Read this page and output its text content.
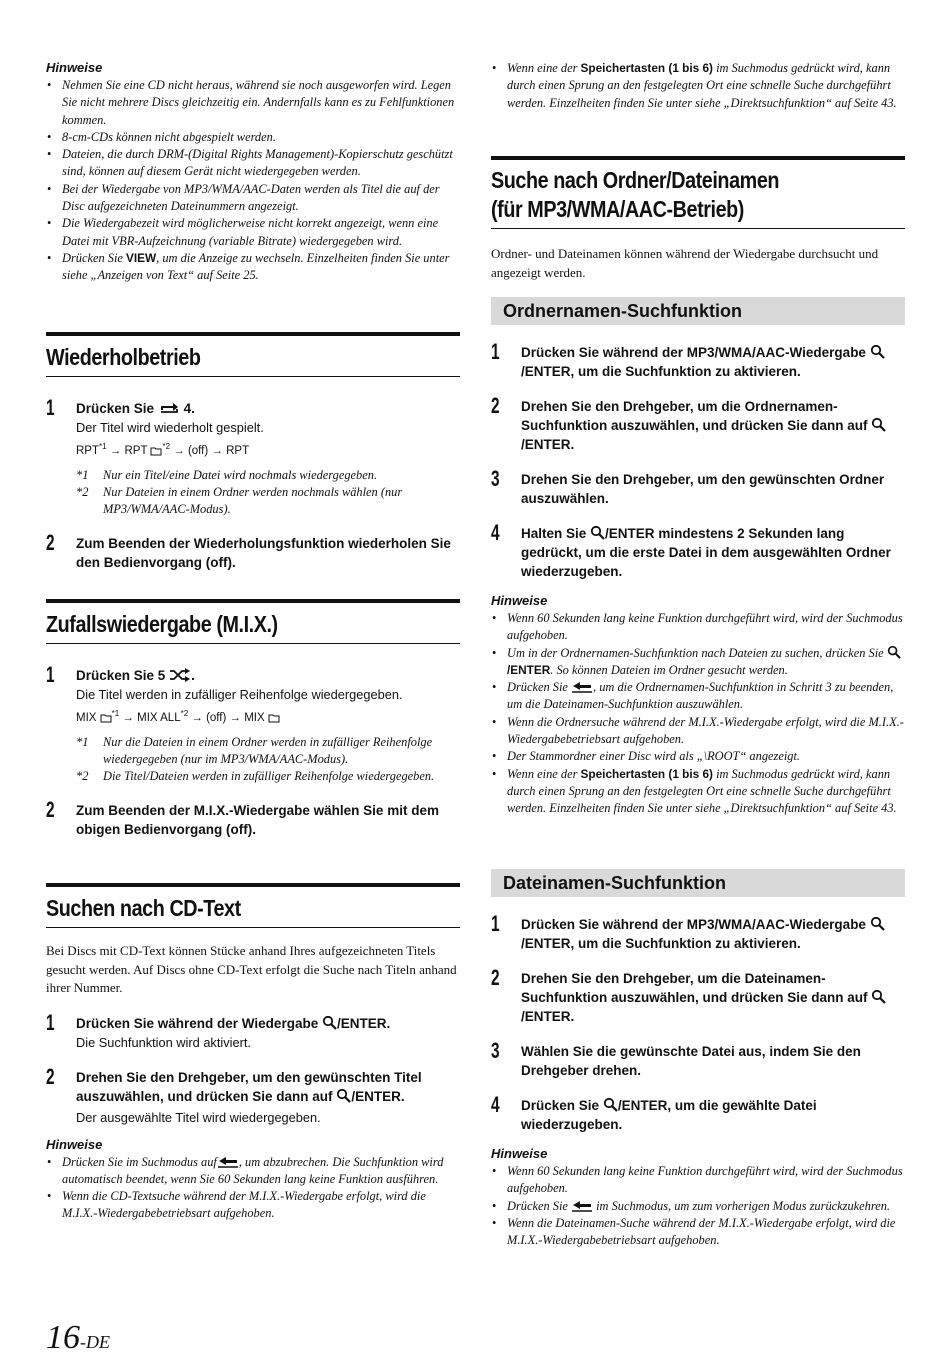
Hinweise
• Nehmen Sie eine CD nicht heraus, während sie noch ausgeworfen wird. Legen Sie nicht mehrere Discs gleichzeitig ein. Andernfalls kann es zu Fehlfunktionen kommen.
• 8-cm-CDs können nicht abgespielt werden.
• Dateien, die durch DRM-(Digital Rights Management)-Kopierschutz geschützt sind, können auf diesem Gerät nicht wiedergegeben werden.
• Bei der Wiedergabe von MP3/WMA/AAC-Daten werden als Titel die auf der Disc aufgezeichneten Dateinummern angezeigt.
• Die Wiedergabezeit wird möglicherweise nicht korrekt angezeigt, wenn eine Datei mit VBR-Aufzeichnung (variable Bitrate) wiedergegeben wird.
• Drücken Sie VIEW, um die Anzeige zu wechseln. Einzelheiten finden Sie unter siehe „Anzeigen von Text“ auf Seite 25.
Wiederholbetrieb
1 Drücken Sie 4.
Der Titel wird wiederholt gespielt.
$RPT^{*1}$ → RPT $^{*2}$ → (off) → RPT
*1 Nur ein Titel/eine Datei wird nochmals wiedergegeben.
*2 Nur Dateien in einem Ordner werden nochmals wählen (nur MP3/WMA/AAC-Modus).
2 Zum Beenden der Wiederholungsfunktion wiederholen Sie den Bedienvorgang (off).
Zufallswiedergabe (M.I.X.)
1 Drücken Sie 5 .
Die Titel werden in zufälliger Reihenfolge wiedergegeben.
MIX $^{*1}$ → MIX $ALL^{*2} \to (off)$ → MIX
*1 Nur die Dateien in einem Ordner werden in zufälliger Reihenfolge wiedergegeben (nur im MP3/WMA/AAC-Modus).
*2 Die Titel/Dateien werden in zufälliger Reihenfolge wiedergegeben.
2 Zum Beenden der M.I.X.-Wiedergabe wählen Sie mit dem obigen Bedienvorgang (off).
Suchen nach CD-Text
Bei Discs mit CD-Text können Stücke anhand Ihres aufgezeichneten Titels gesucht werden. Auf Discs ohne CD-Text erfolgt die Suche nach Titeln anhand ihrer Nummer.
1 Drücken Sie während der Wiedergabe /ENTER.
Die Suchfunktion wird aktiviert.
2 Drehen Sie den Drehgeber, um den gewünschten Titel auszuwählen, und drücken Sie dann auf /ENTER.
Der ausgewählte Titel wird wiedergegeben.
Hinweise
• Drücken Sie im Suchmodus auf , um abzubrechen. Die Suchfunktion wird automatisch beendet, wenn Sie 60 Sekunden lang keine Funktion ausführen.
• Wenn die CD-Textsuche während der M.I.X.-Wiedergabe erfolgt, wird die M.I.X.-Wiedergabebetriebsart aufgehoben.
• Wenn eine der Speichertasten (1 bis 6) im Suchmodus gedrückt wird, kann durch einen Sprung an den festgelegten Ort eine schnelle Suche durchgeführt werden. Einzelheiten finden Sie unter siehe „Direktsuchfunktion“ auf Seite 43.
Suche nach Ordner/Dateinamen
(für MP3/WMA/AAC-Betrieb)
Ordner- und Dateinamen können während der Wiedergabe durchsucht und angezeigt werden.
Ordnernamen-Suchfunktion
1 Drücken Sie während der MP3/WMA/AAC-Wiedergabe /ENTER, um die Suchfunktion zu aktivieren.
2 Drehen Sie den Drehgeber, um die Ordnernamen-Suchfunktion auszuwählen, und drücken Sie dann auf /ENTER.
3 Drehen Sie den Drehgeber, um den gewünschten Ordner auszuwählen.
4 Halten Sie /ENTER mindestens 2 Sekunden lang gedrückt, um die erste Datei in dem ausgewählten Ordner wiederzugeben.
Hinweise
• Wenn 60 Sekunden lang keine Funktion durchgeführt wird, wird der Suchmodus aufgehoben.
• Um in der Ordnernamen-Suchfunktion nach Dateien zu suchen, drücken Sie /ENTER. So können Dateien im Ordner gesucht werden.
• Drücken Sie , um die Ordnernamen-Suchfunktion in Schritt 3 zu beenden, um die Dateinamen-Suchfunktion auszuwählen.
• Wenn die Ordnersuche während der M.I.X.-Wiedergabe erfolgt, wird die M.I.X.-Wiedergabebetriebsart aufgehoben.
• Der Stammordner einer Disc wird als „\ROOT“ angezeigt.
• Wenn eine der Speichertasten (1 bis 6) im Suchmodus gedrückt wird, kann durch einen Sprung an den festgelegten Ort eine schnelle Suche durchgeführt werden. Einzelheiten finden Sie unter siehe „Direktsuchfunktion“ auf Seite 43.
Dateinamen-Suchfunktion
1 Drücken Sie während der MP3/WMA/AAC-Wiedergabe /ENTER, um die Suchfunktion zu aktivieren.
2 Drehen Sie den Drehgeber, um die Dateinamen-Suchfunktion auszuwählen, und drücken Sie dann auf /ENTER.
3 Wählen Sie die gewünschte Datei aus, indem Sie den Drehgeber drehen.
4 Drücken Sie /ENTER, um die gewählte Datei wiederzugeben.
Hinweise
• Wenn 60 Sekunden lang keine Funktion durchgeführt wird, wird der Suchmodus aufgehoben.
• Drücken Sie  im Suchmodus, um zum vorherigen Modus zurückzukehren.
• Wenn die Dateinamen-Suche während der M.I.X.-Wiedergabe erfolgt, wird die M.I.X.-Wiedergabebetriebsart aufgehoben.
16-DE
